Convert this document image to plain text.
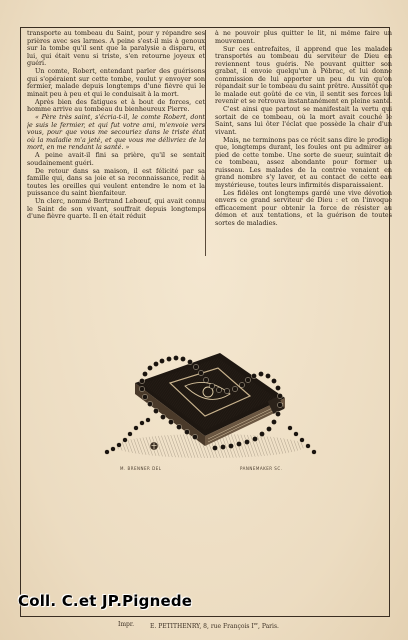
transporte au tombeau du Saint, pour y répandre ses prières avec ses larmes. A peine s'est-il mis à genoux sur la tombe qu'il sent que la paralysie a disparu, et lui, qui était venu si triste, s'en retourne joyeux et guéri.

Un comte, Robert, entendant parler des guérisons qui s'opéraient sur cette tombe, voulut y envoyer son fermier, malade depuis longtemps d'une fièvre qui le minait peu à peu et qui le conduisait à la mort.

Après bien des fatigues et à bout de forces, cet homme arrive au tombeau du bienheureux Pierre.

« Père très saint, s'écria-t-il, le comte Robert, dont je suis le fermier, et qui fut votre ami, m'envoie vers vous, pour que vous me secouriez dans le triste état où la maladie m'a jeté, et que vous me délivriez de la mort, en me rendant la santé. »

A peine avait-il fini sa prière, qu'il se sentait soudainement guéri.

De retour dans sa maison, il est félicité par sa famille qui, dans sa joie et sa reconnaissance, redit à toutes les oreilles qui veulent entendre le nom et la puissance du saint bienfaiteur.

Un clerc, nommé Bertrand Lebœuf, qui avait connu le Saint de son vivant, souffrait depuis longtemps d'une fièvre quarte. Il en était réduit

à ne pouvoir plus quitter le lit, ni même faire un mouvement.

Sur ces entrefaites, il apprend que les malades transportés au tombeau du serviteur de Dieu en reviennent tous guéris. Ne pouvant quitter son grabat, il envoie quelqu'un à Pébrac, et lui donne commission de lui apporter un peu du vin qu'on répandait sur le tombeau du saint prêtre. Aussitôt que le malade eut goûté de ce vin, il sentit ses forces lui revenir et se retrouva instantanément en pleine santé.

C'est ainsi que partout se manifestait la vertu qui sortait de ce tombeau, où la mort avait couché le Saint, sans lui ôter l'éclat que possède la chair d'un vivant.

Mais, ne terminons pas ce récit sans dire le prodige que, longtemps durant, les foules ont pu admirer au pied de cette tombe. Une sorte de sueur, suintait de ce tombeau, assez abondante pour former un ruisseau. Les malades de la contrée venaient en grand nombre s'y laver, et au contact de cette eau mystérieuse, toutes leurs infirmités disparaissaient.

Les fidèles ont longtemps gardé une vive dévotion envers ce grand serviteur de Dieu : et on l'invoque efficacement pour obtenir la force de résister au démon et aux tentations, et la guérison de toutes sortes de maladies.

M. BRENNER DEL	PANNEMAKER SC.
Coll. C.et JP.Pignede
Impr.	E. PETITHENRY, 8, rue François Ier, Paris.
